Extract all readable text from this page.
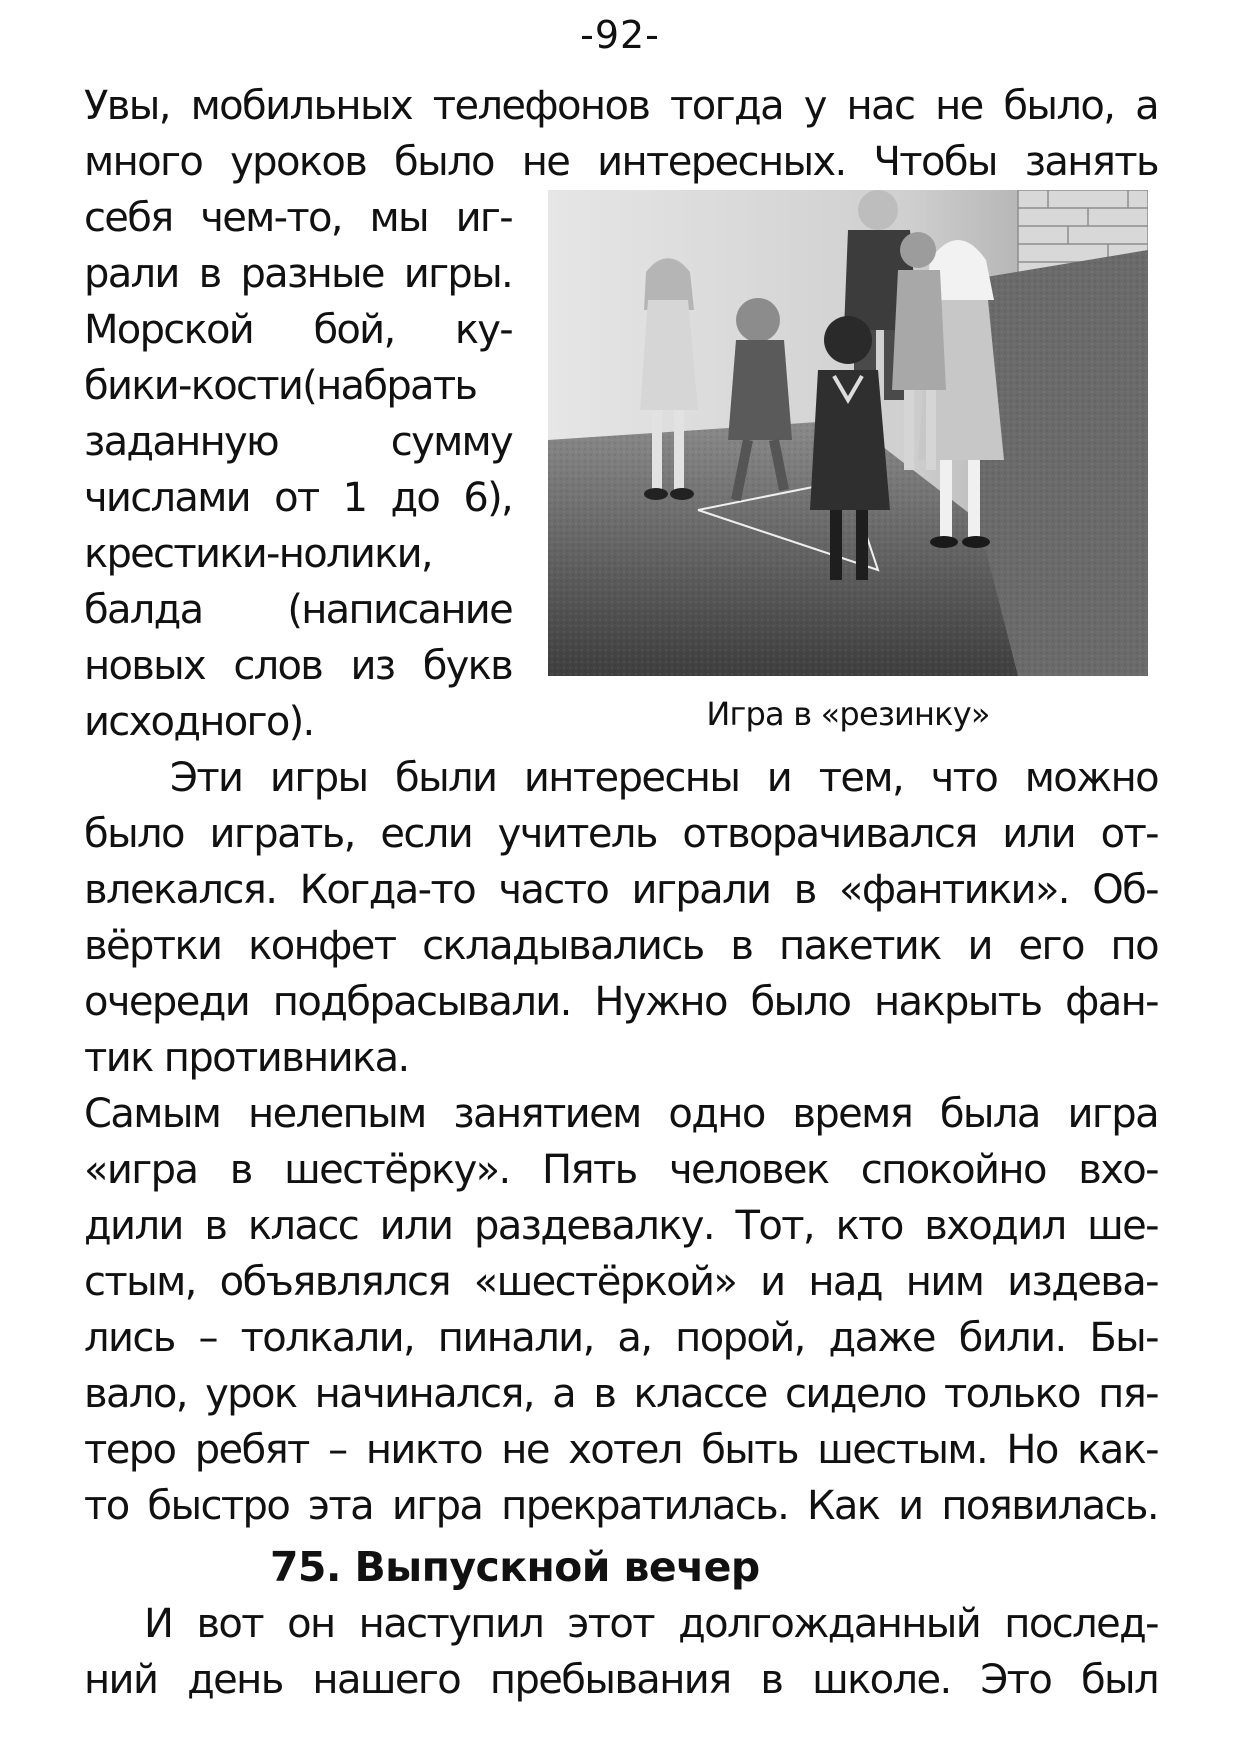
-92-
Увы, мобильных телефонов тогда у нас не было, а
много уроков было не интересных. Чтобы занять
себя чем-то, мы иг-
рали в разные игры.
Морской бой, ку-
бики-кости(набрать
заданную сумму
числами от 1 до 6),
крестики-нолики,
балда (написание
новых слов из букв
исходного).	Игра в «резинку»
Эти игры были интересны и тем, что можно
было играть, если учитель отворачивался или от-
влекался. Когда-то часто играли в «фантики». Об-
вёртки конфет складывались в пакетик и его по
очереди подбрасывали. Нужно было накрыть фан-
тик противника.
Самым нелепым занятием одно время была игра
«игра в шестёрку». Пять человек спокойно вхо-
дили в класс или раздевалку. Тот, кто входил ше-
стым, объявлялся «шестёркой» и над ним издева-
лись – толкали, пинали, а, порой, даже били. Бы-
вало, урок начинался, а в классе сидело только пя-
теро ребят – никто не хотел быть шестым. Но как-
то быстро эта игра прекратилась. Как и появилась.
75. Выпускной вечер
И вот он наступил этот долгожданный послед-
ний день нашего пребывания в школе. Это был
